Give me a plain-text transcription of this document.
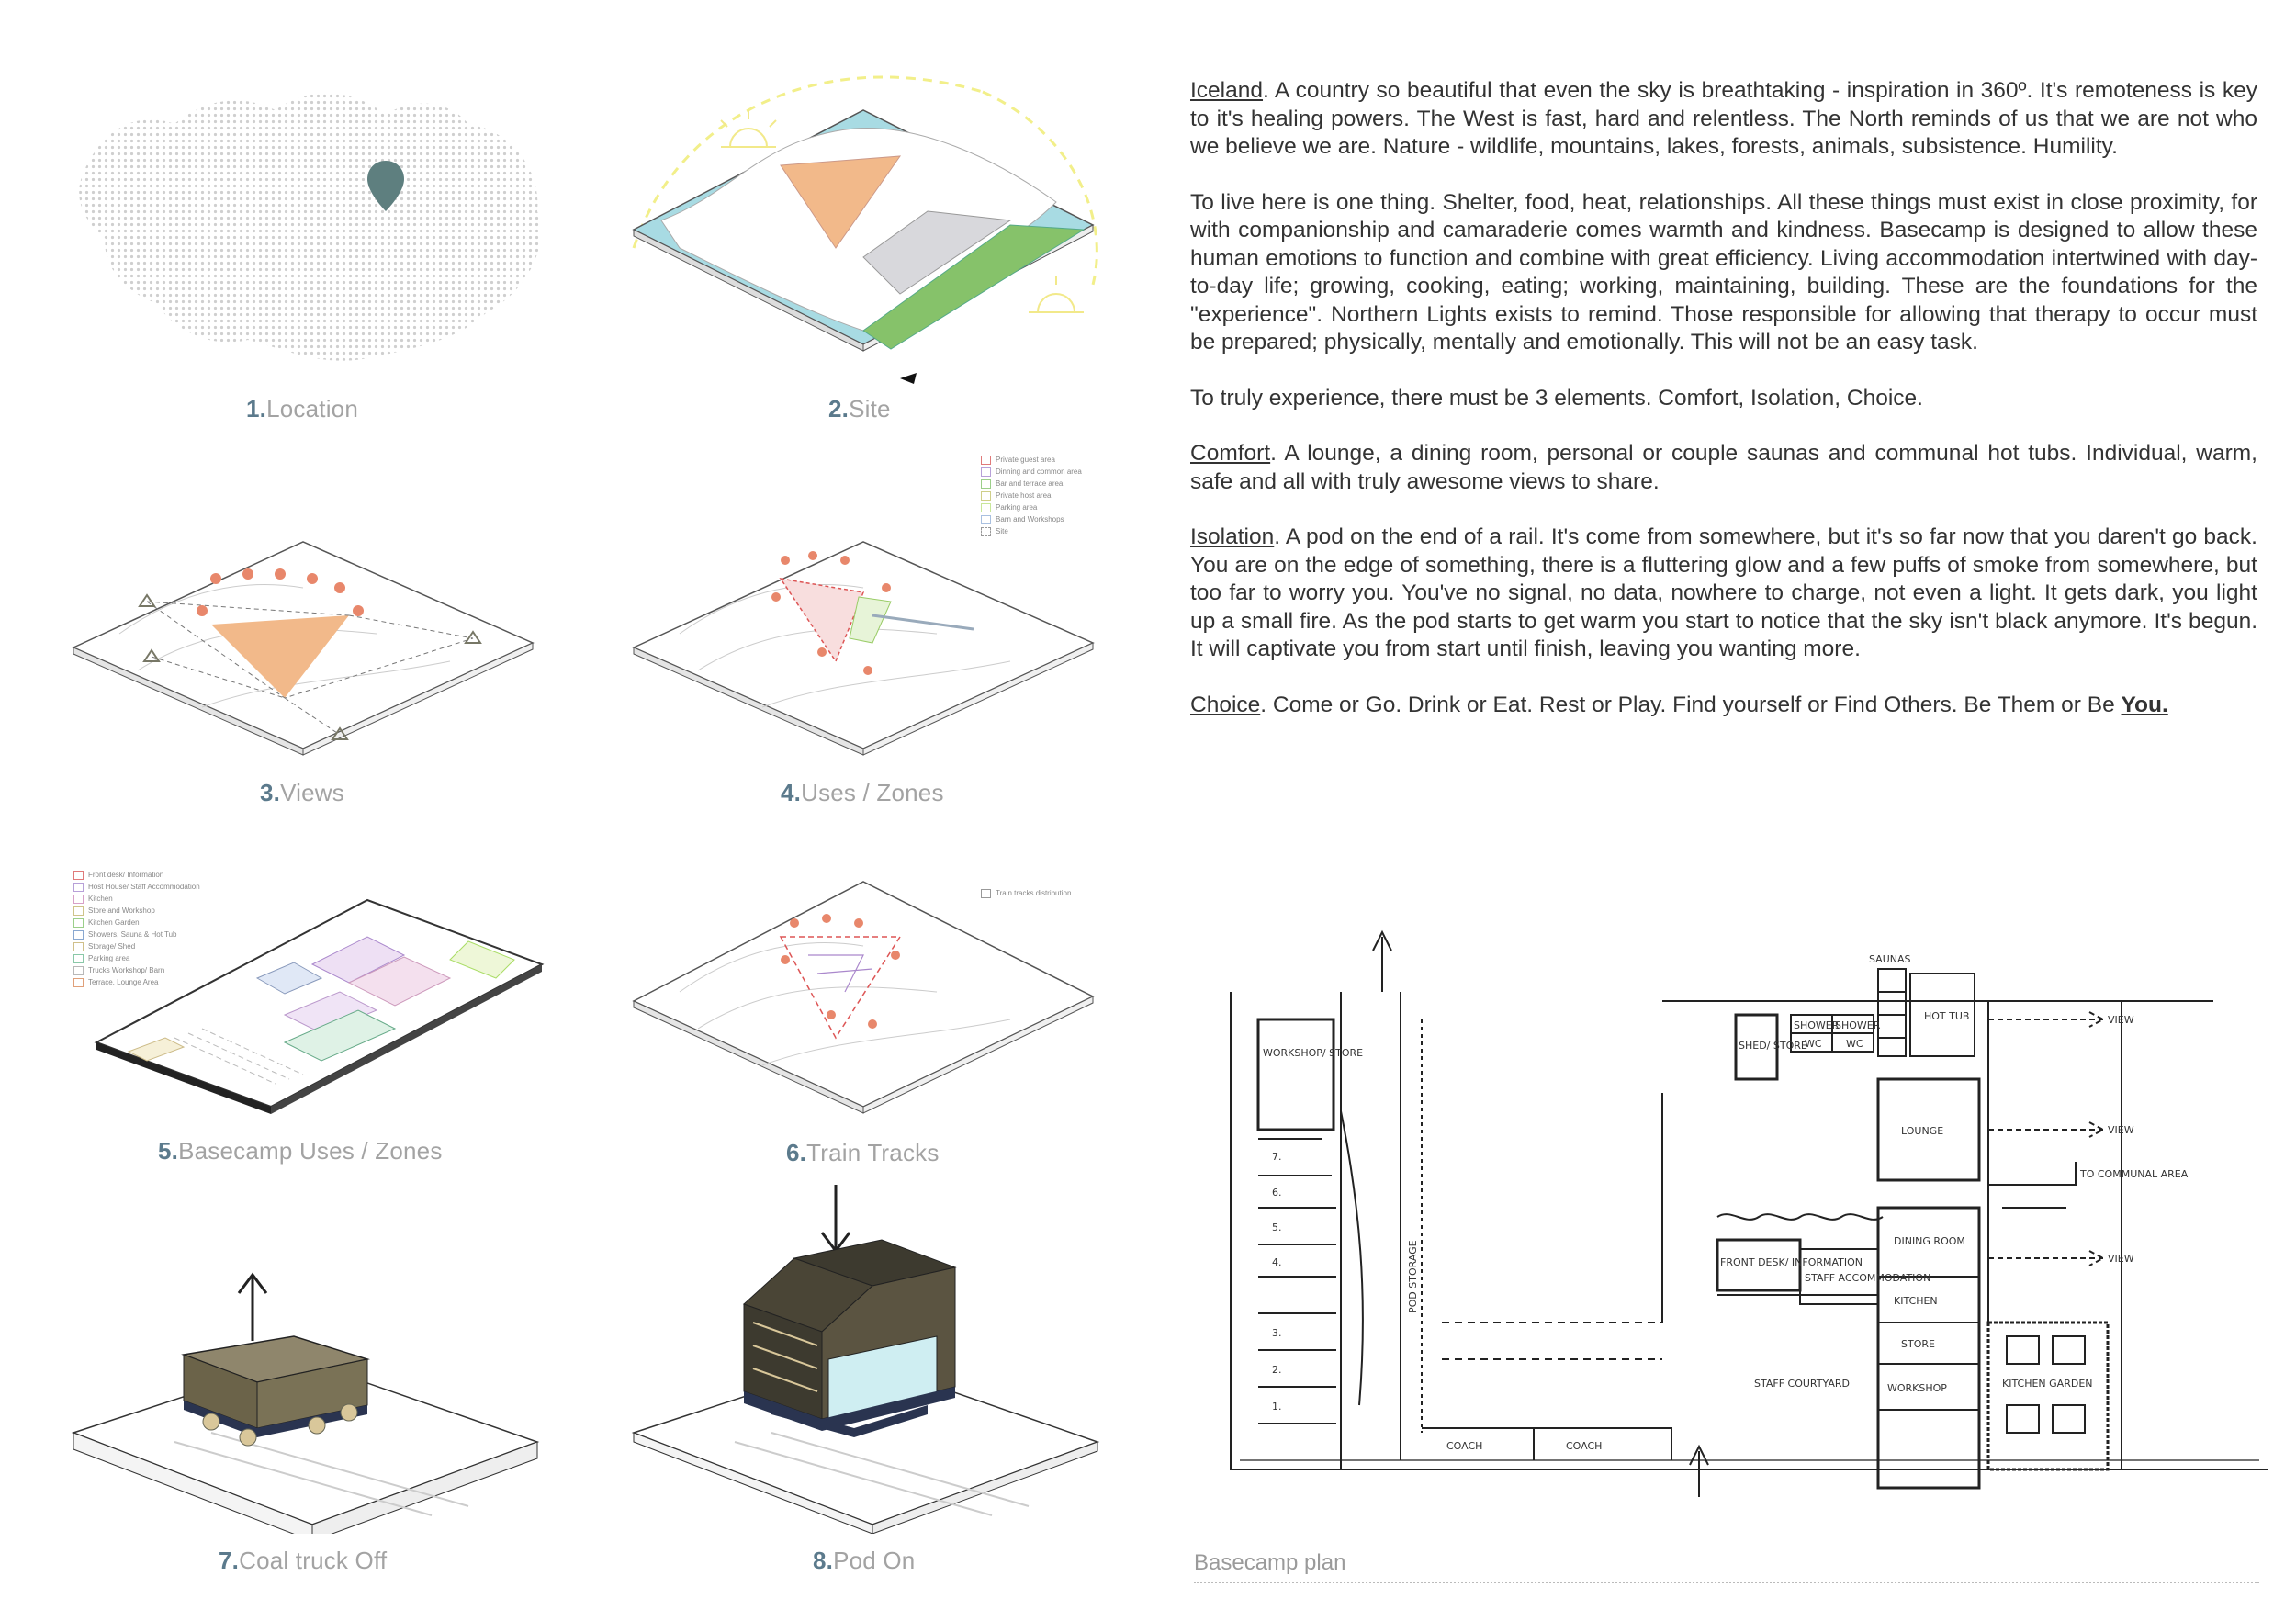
1.Location	2.Site
3.Views
Private guest area
Dinning and common area
Bar and terrace area
Private host area
Parking area
Barn and Workshops
Site
4.Uses / Zones
Front desk/ Information
Host House/ Staff Accommodation
Kitchen
Store and Workshop
Kitchen Garden
Showers, Sauna & Hot Tub
Storage/ Shed
Parking area
Trucks Workshop/ Barn
Terrace, Lounge Area
5.Basecamp Uses / Zones
Train tracks distribution
6.Train Tracks
7.Coal truck Off	8.Pod On

Iceland. A country so beautiful that even the sky is breathtaking - inspiration in 360º. It's remoteness is key to it's healing powers. The West is fast, hard and relentless. The North reminds of us that we are not who we believe we are. Nature - wildlife, mountains, lakes, forests, animals, subsistence. Humility.

To live here is one thing. Shelter, food, heat, relationships. All these things must exist in close proximity, for with companionship and camaraderie comes warmth and kindness. Basecamp is designed to allow these human emotions to function and combine with great efficiency. Living accommodation intertwined with day-to-day life; growing, cooking, eating; working, maintaining, building. These are the foundations for the "experience". Northern Lights exists to remind. Those responsible for allowing that therapy to occur must be prepared; physically, mentally and emotionally. This will not be an easy task.

To truly experience, there must be 3 elements. Comfort, Isolation, Choice.

Comfort. A lounge, a dining room, personal or couple saunas and communal hot tubs. Individual, warm, safe and all with truly awesome views to share.

Isolation. A pod on the end of a rail. It's come from somewhere, but it's so far now that you daren't go back. You are on the edge of something, there is a fluttering glow and a few puffs of smoke from somewhere, but too far to worry you. You've no signal, no data, nowhere to charge, not even a light. It gets dark, you light up a small fire. As the pod starts to get warm you start to notice that the sky isn't black anymore. It's begun. It will captivate you from start until finish, leaving you wanting more.

Choice. Come or Go. Drink or Eat. Rest or Play. Find yourself or Find Others. Be Them or Be You.

WORKSHOP/ STORE
POD STORAGE
COACH	COACH
SHED/ STORE
SHOWER
SHOWER
WC WC
SAUNAS
HOT TUB
LOUNGE
VIEW
VIEW
VIEW
TO COMMUNAL AREA
DINING ROOM
FRONT DESK/ INFORMATION
STAFF ACCOMMODATION
KITCHEN
STORE
WORKSHOP	KITCHEN GARDEN
STAFF COURTYARD
7.
6.
5.
4.
3.
2.
1.
Basecamp plan
